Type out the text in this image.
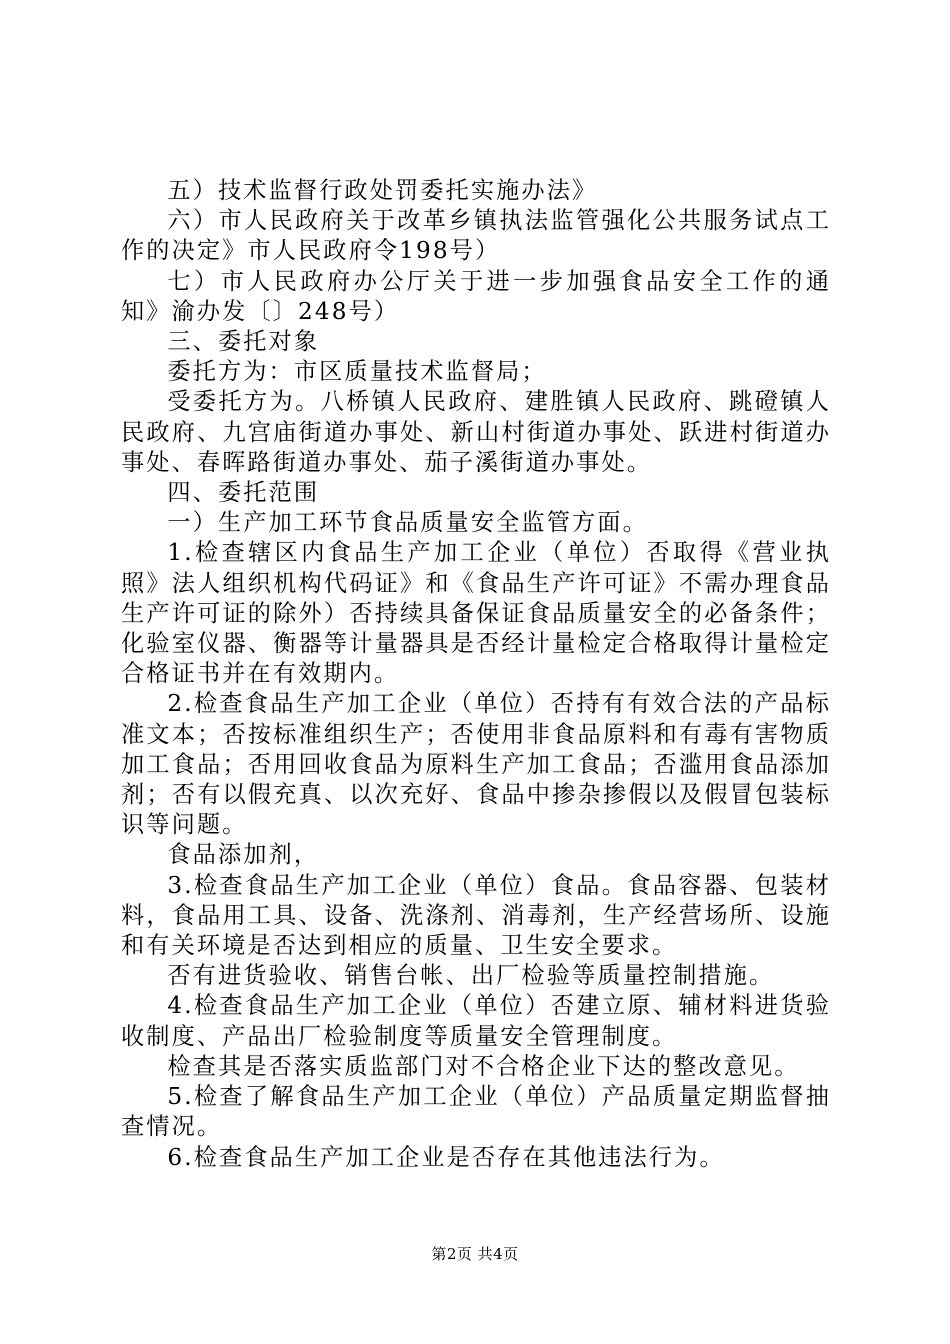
五）技术监督行政处罚委托实施办法》

六）市人民政府关于改革乡镇执法监管强化公共服务试点工作的决定》市人民政府令198号）

七）市人民政府办公厅关于进一步加强食品安全工作的通知》渝办发〔〕248号）

三、委托对象

委托方为：市区质量技术监督局；

受委托方为。八桥镇人民政府、建胜镇人民政府、跳磴镇人民政府、九宫庙街道办事处、新山村街道办事处、跃进村街道办事处、春晖路街道办事处、茄子溪街道办事处。

四、委托范围

一）生产加工环节食品质量安全监管方面。

1.检查辖区内食品生产加工企业（单位）否取得《营业执照》法人组织机构代码证》和《食品生产许可证》不需办理食品生产许可证的除外）否持续具备保证食品质量安全的必备条件；化验室仪器、衡器等计量器具是否经计量检定合格取得计量检定合格证书并在有效期内。

2.检查食品生产加工企业（单位）否持有有效合法的产品标准文本；否按标准组织生产；否使用非食品原料和有毒有害物质加工食品；否用回收食品为原料生产加工食品；否滥用食品添加剂；否有以假充真、以次充好、食品中掺杂掺假以及假冒包装标识等问题。

食品添加剂，

3.检查食品生产加工企业（单位）食品。食品容器、包装材料，食品用工具、设备、洗涤剂、消毒剂，生产经营场所、设施和有关环境是否达到相应的质量、卫生安全要求。

否有进货验收、销售台帐、出厂检验等质量控制措施。

4.检查食品生产加工企业（单位）否建立原、辅材料进货验收制度、产品出厂检验制度等质量安全管理制度。

检查其是否落实质监部门对不合格企业下达的整改意见。

5.检查了解食品生产加工企业（单位）产品质量定期监督抽查情况。

6.检查食品生产加工企业是否存在其他违法行为。

第2页 共4页
